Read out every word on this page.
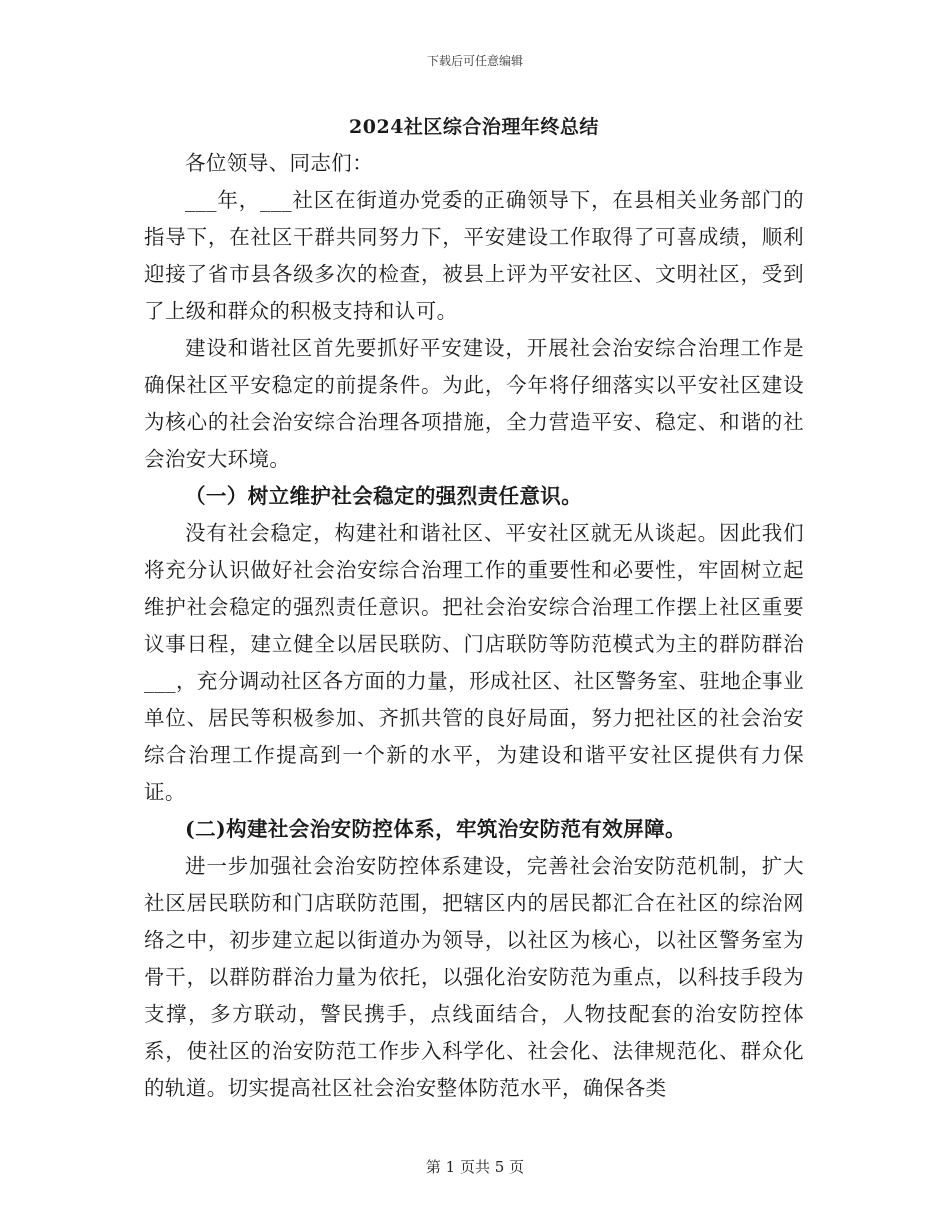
下载后可任意编辑

2024社区综合治理年终总结

各位领导、同志们：

___年，___社区在街道办党委的正确领导下，在县相关业务部门的指导下，在社区干群共同努力下，平安建设工作取得了可喜成绩，顺利迎接了省市县各级多次的检查，被县上评为平安社区、文明社区，受到了上级和群众的积极支持和认可。

建设和谐社区首先要抓好平安建设，开展社会治安综合治理工作是确保社区平安稳定的前提条件。为此，今年将仔细落实以平安社区建设为核心的社会治安综合治理各项措施，全力营造平安、稳定、和谐的社会治安大环境。

（一）树立维护社会稳定的强烈责任意识。

没有社会稳定，构建社和谐社区、平安社区就无从谈起。因此我们将充分认识做好社会治安综合治理工作的重要性和必要性，牢固树立起维护社会稳定的强烈责任意识。把社会治安综合治理工作摆上社区重要议事日程，建立健全以居民联防、门店联防等防范模式为主的群防群治___，充分调动社区各方面的力量，形成社区、社区警务室、驻地企事业单位、居民等积极参加、齐抓共管的良好局面，努力把社区的社会治安综合治理工作提高到一个新的水平，为建设和谐平安社区提供有力保证。

(二)构建社会治安防控体系，牢筑治安防范有效屏障。

进一步加强社会治安防控体系建设，完善社会治安防范机制，扩大社区居民联防和门店联防范围，把辖区内的居民都汇合在社区的综治网络之中，初步建立起以街道办为领导，以社区为核心，以社区警务室为骨干，以群防群治力量为依托，以强化治安防范为重点，以科技手段为支撑，多方联动，警民携手，点线面结合，人物技配套的治安防控体系，使社区的治安防范工作步入科学化、社会化、法律规范化、群众化的轨道。切实提高社区社会治安整体防范水平，确保各类

第 1 页共 5 页
